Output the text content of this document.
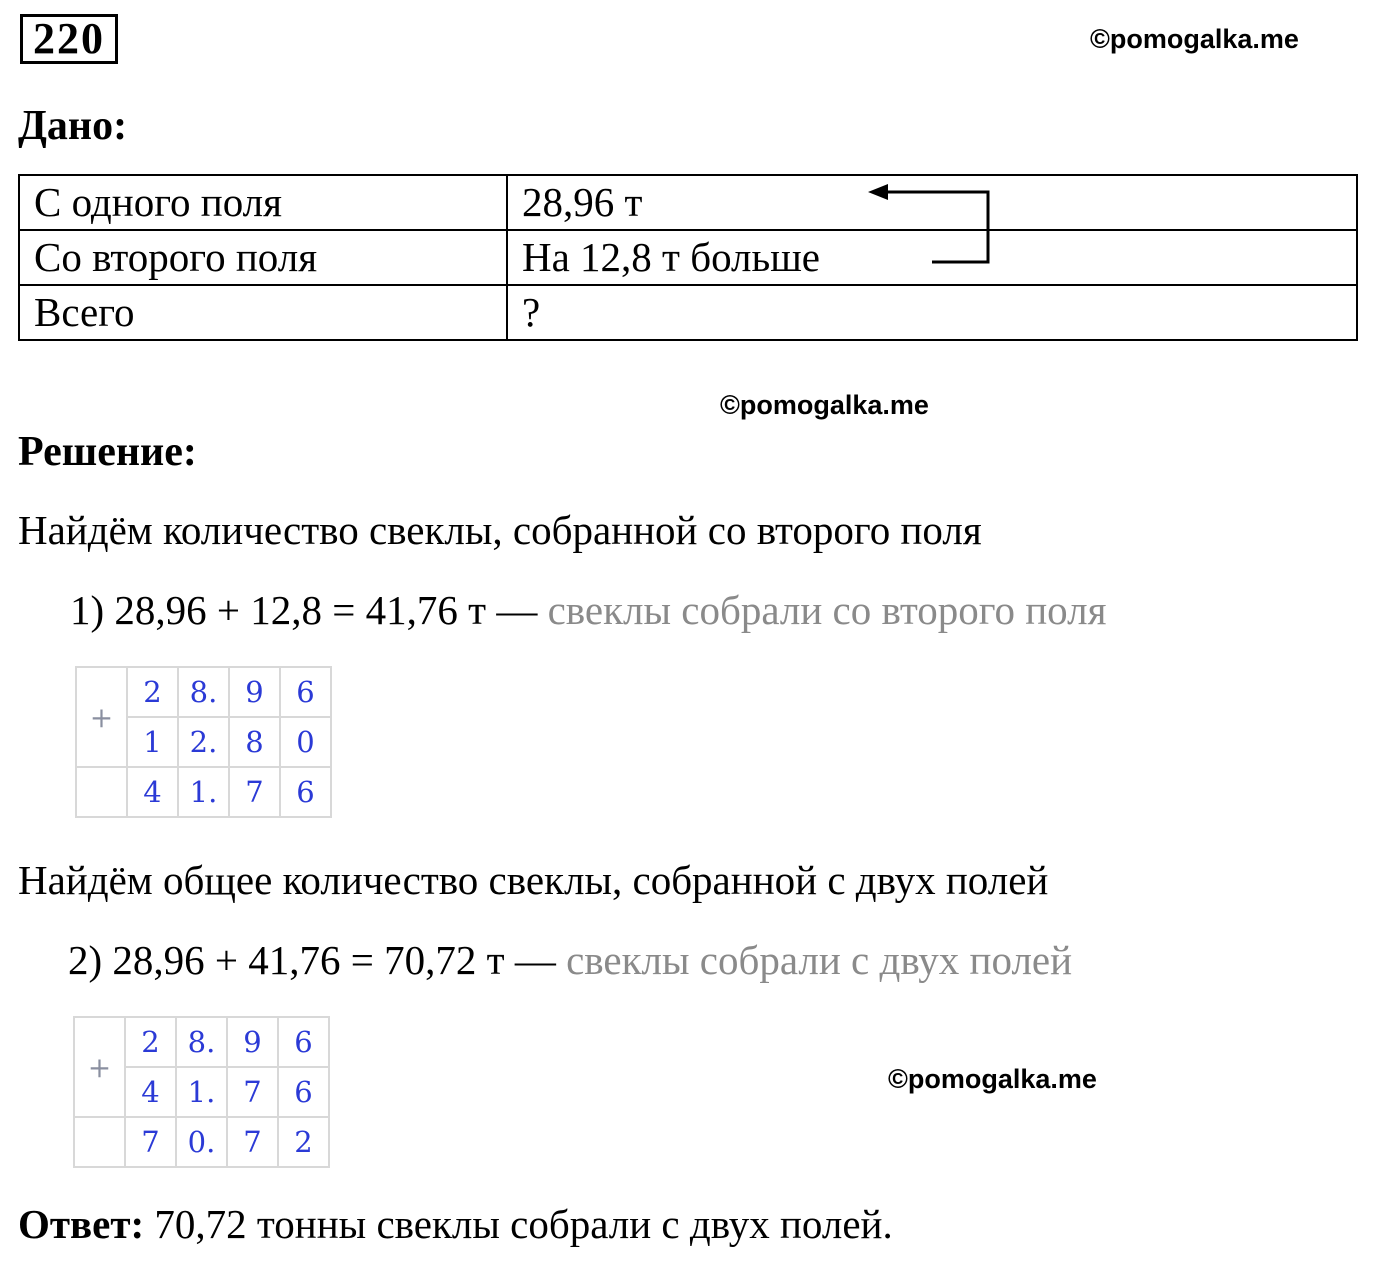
220	©pomogalka.me
Дано:
С одного поля	28,96 т
Со второго поля	На 12,8 т больше
Всего	?
©pomogalka.me
Решение:
Найдём количество свеклы, собранной со второго поля
1) 28,96 + 12,8 = 41,76 т — свеклы собрали со второго поля
+	2	8.	9	6
	1	2.	8	0
	4	1.	7	6
Найдём общее количество свеклы, собранной с двух полей
2) 28,96 + 41,76 = 70,72 т — свеклы собрали с двух полей
+	2	8.	9	6
	4	1.	7	6
	7	0.	7	2
©pomogalka.me
Ответ: 70,72 тонны свеклы собрали с двух полей.
